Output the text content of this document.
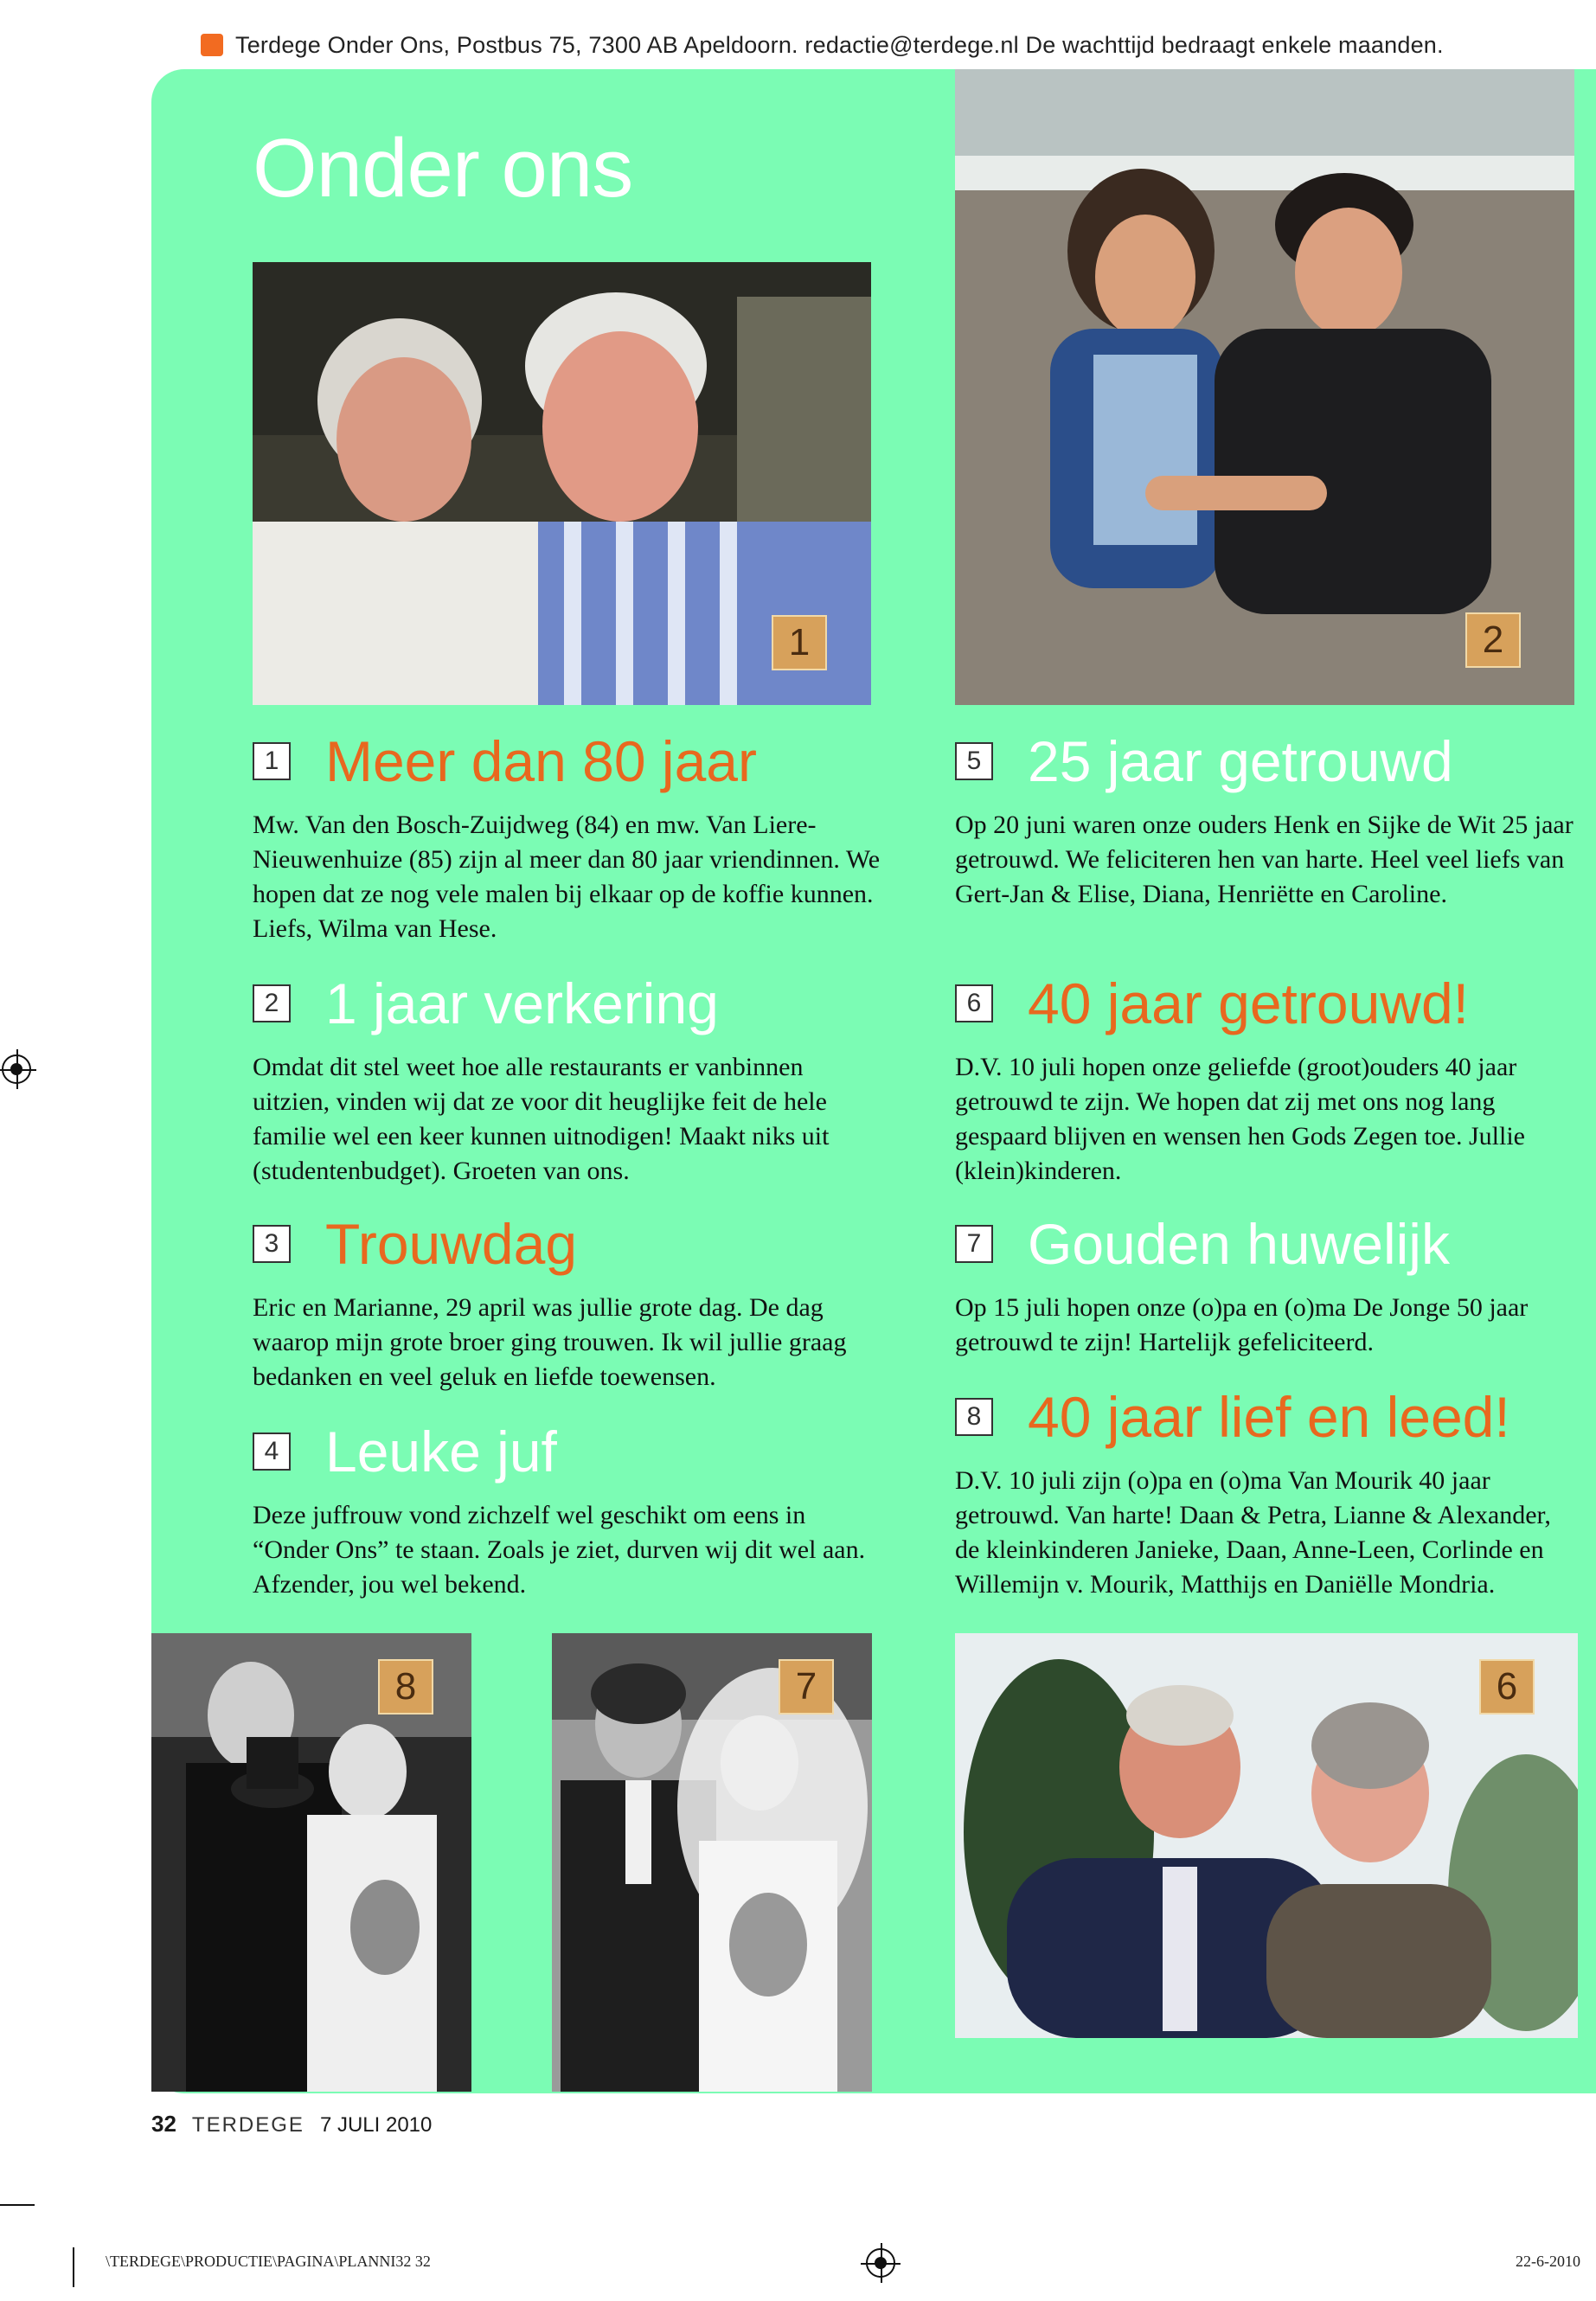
Terdege Onder Ons, Postbus 75, 7300 AB Apeldoorn. redactie@terdege.nl De wachttijd bedraagt enkele maanden.
Onder ons
1	2
1 Meer dan 80 jaar
Mw. Van den Bosch-Zuijdweg (84) en mw. Van Liere-Nieuwenhuize (85) zijn al meer dan 80 jaar vriendinnen. We hopen dat ze nog vele malen bij elkaar op de koffie kunnen. Liefs, Wilma van Hese.
2 1 jaar verkering
Omdat dit stel weet hoe alle restaurants er vanbinnen uitzien, vinden wij dat ze voor dit heuglijke feit de hele familie wel een keer kunnen uitnodigen! Maakt niks uit (studentenbudget). Groeten van ons.
3 Trouwdag
Eric en Marianne, 29 april was jullie grote dag. De dag waarop mijn grote broer ging trouwen. Ik wil jullie graag bedanken en veel geluk en liefde toewensen.
4 Leuke juf
Deze juffrouw vond zichzelf wel geschikt om eens in “Onder Ons” te staan. Zoals je ziet, durven wij dit wel aan. Afzender, jou wel bekend.
5 25 jaar getrouwd
Op 20 juni waren onze ouders Henk en Sijke de Wit 25 jaar getrouwd. We feliciteren hen van harte. Heel veel liefs van Gert-Jan & Elise, Diana, Henriëtte en Caroline.
6 40 jaar getrouwd!
D.V. 10 juli hopen onze geliefde (groot)ouders 40 jaar getrouwd te zijn. We hopen dat zij met ons nog lang gespaard blijven en wensen hen Gods Zegen toe. Jullie (klein)kinderen.
7 Gouden huwelijk
Op 15 juli hopen onze (o)pa en (o)ma De Jonge 50 jaar getrouwd te zijn! Hartelijk gefeliciteerd.
8 40 jaar lief en leed!
D.V. 10 juli zijn (o)pa en (o)ma Van Mourik 40 jaar getrouwd. Van harte! Daan & Petra, Lianne & Alexander, de kleinkinderen Janieke, Daan, Anne-Leen, Corlinde en Willemijn v. Mourik, Matthijs en Daniëlle Mondria.
8	7	6
32 TERDEGE 7 JULI 2010
\TERDEGE\PRODUCTIE\PAGINA\PLANNI32 32	22-6-2010
